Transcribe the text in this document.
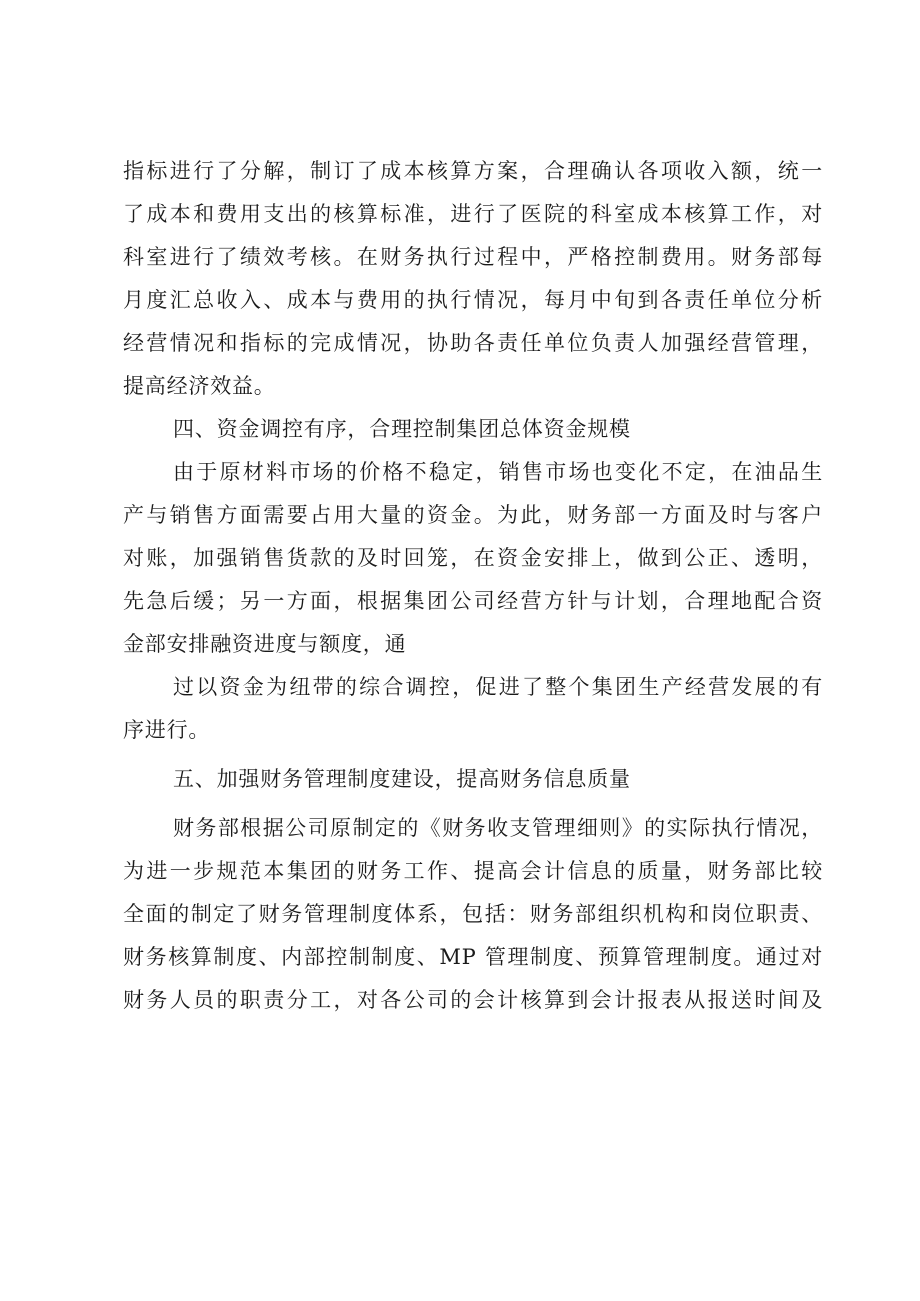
指标进行了分解，制订了成本核算方案，合理确认各项收入额，统一
了成本和费用支出的核算标准，进行了医院的科室成本核算工作，对
科室进行了绩效考核。在财务执行过程中，严格控制费用。财务部每
月度汇总收入、成本与费用的执行情况，每月中旬到各责任单位分析
经营情况和指标的完成情况，协助各责任单位负责人加强经营管理，
提高经济效益。
四、资金调控有序，合理控制集团总体资金规模
由于原材料市场的价格不稳定，销售市场也变化不定，在油品生
产与销售方面需要占用大量的资金。为此，财务部一方面及时与客户
对账，加强销售货款的及时回笼，在资金安排上，做到公正、透明，
先急后缓；另一方面，根据集团公司经营方针与计划，合理地配合资
金部安排融资进度与额度，通
过以资金为纽带的综合调控，促进了整个集团生产经营发展的有
序进行。
五、加强财务管理制度建设，提高财务信息质量
财务部根据公司原制定的《财务收支管理细则》的实际执行情况，
为进一步规范本集团的财务工作、提高会计信息的质量，财务部比较
全面的制定了财务管理制度体系，包括：财务部组织机构和岗位职责、
财务核算制度、内部控制制度、MP 管理制度、预算管理制度。通过对
财务人员的职责分工，对各公司的会计核算到会计报表从报送时间及
